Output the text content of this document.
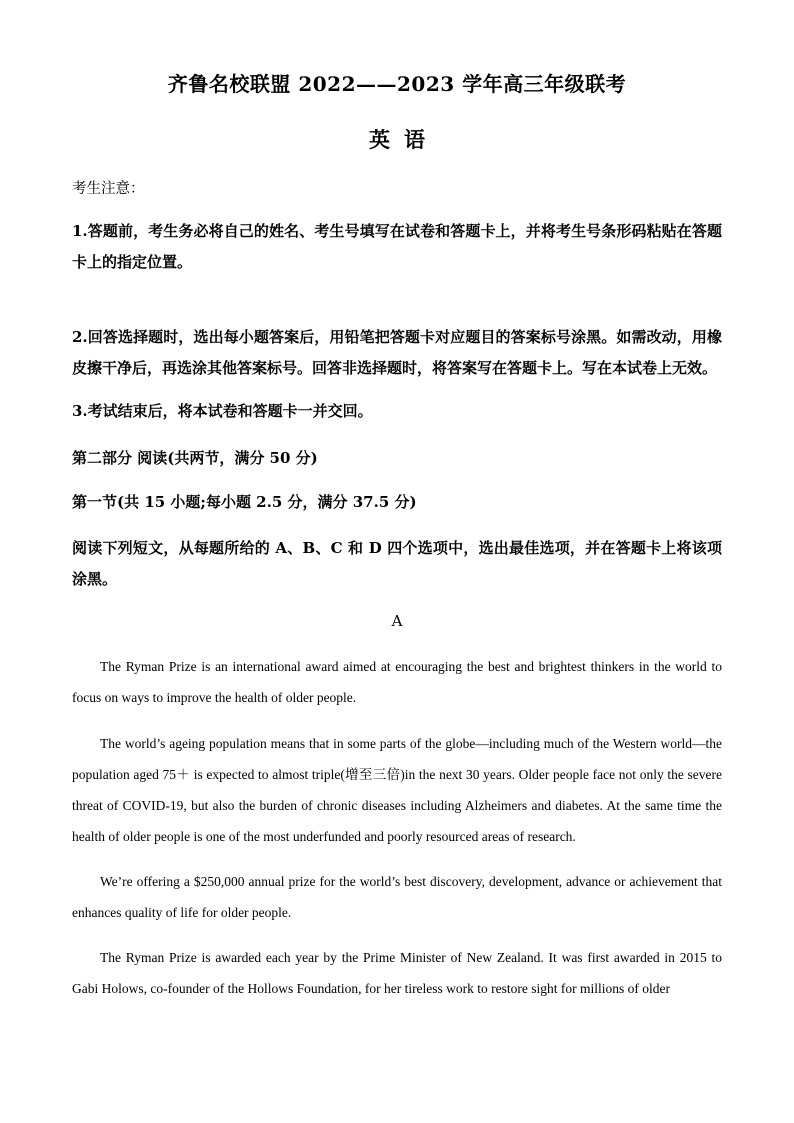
齐鲁名校联盟 2022——2023 学年高三年级联考
英语
考生注意：

1.答题前，考生务必将自己的姓名、考生号填写在试卷和答题卡上，并将考生号条形码粘贴在答题卡上的指定位置。

2.回答选择题时，选出每小题答案后，用铅笔把答题卡对应题目的答案标号涂黑。如需改动，用橡皮擦干净后，再选涂其他答案标号。回答非选择题时，将答案写在答题卡上。写在本试卷上无效。

3.考试结束后，将本试卷和答题卡一并交回。

第二部分 阅读(共两节，满分 50 分)

第一节(共 15 小题;每小题 2.5 分，满分 37.5 分)

阅读下列短文，从每题所给的 A、B、C 和 D 四个选项中，选出最佳选项，并在答题卡上将该项涂黑。

A

The Ryman Prize is an international award aimed at encouraging the best and brightest thinkers in the world to focus on ways to improve the health of older people.

The world’s ageing population means that in some parts of the globe—including much of the Western world—the population aged 75＋ is expected to almost triple(增至三倍)in the next 30 years. Older people face not only the severe threat of COVID-19, but also the burden of chronic diseases including Alzheimers and diabetes. At the same time the health of older people is one of the most underfunded and poorly resourced areas of research.

We’re offering a $250,000 annual prize for the world’s best discovery, development, advance or achievement that enhances quality of life for older people.

The Ryman Prize is awarded each year by the Prime Minister of New Zealand. It was first awarded in 2015 to Gabi Holows, co-founder of the Hollows Foundation, for her tireless work to restore sight for millions of older
